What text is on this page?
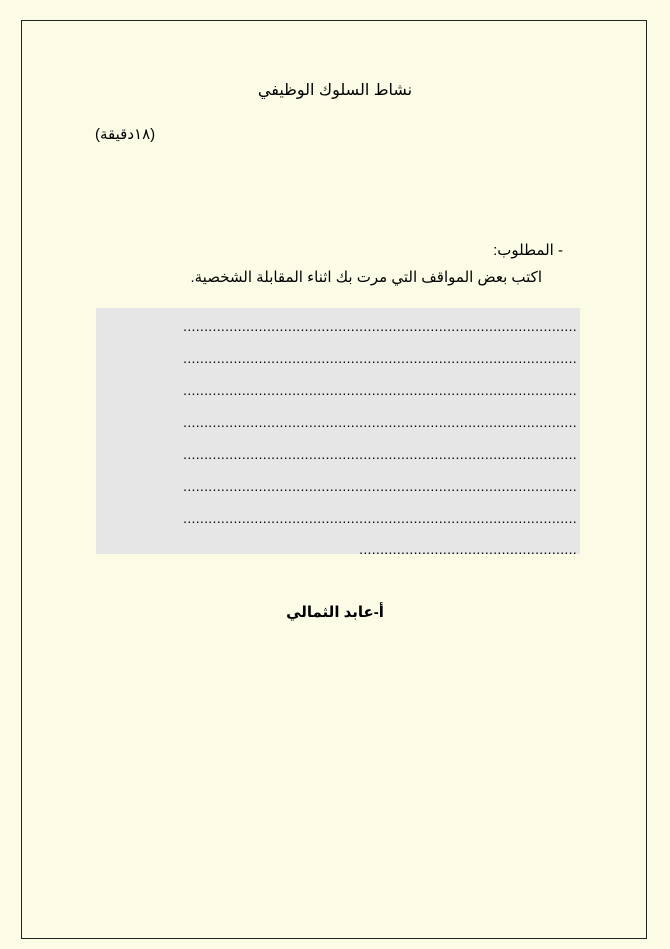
نشاط السلوك الوظيفي
(١٨دقيقة)
- المطلوب:
اكتب بعض المواقف التي مرت بك اثناء المقابلة الشخصية.
..............................................................................................
..............................................................................................
..............................................................................................
..............................................................................................
..............................................................................................
..............................................................................................
..............................................................................................
....................................................
أ-عابد الثمالي
